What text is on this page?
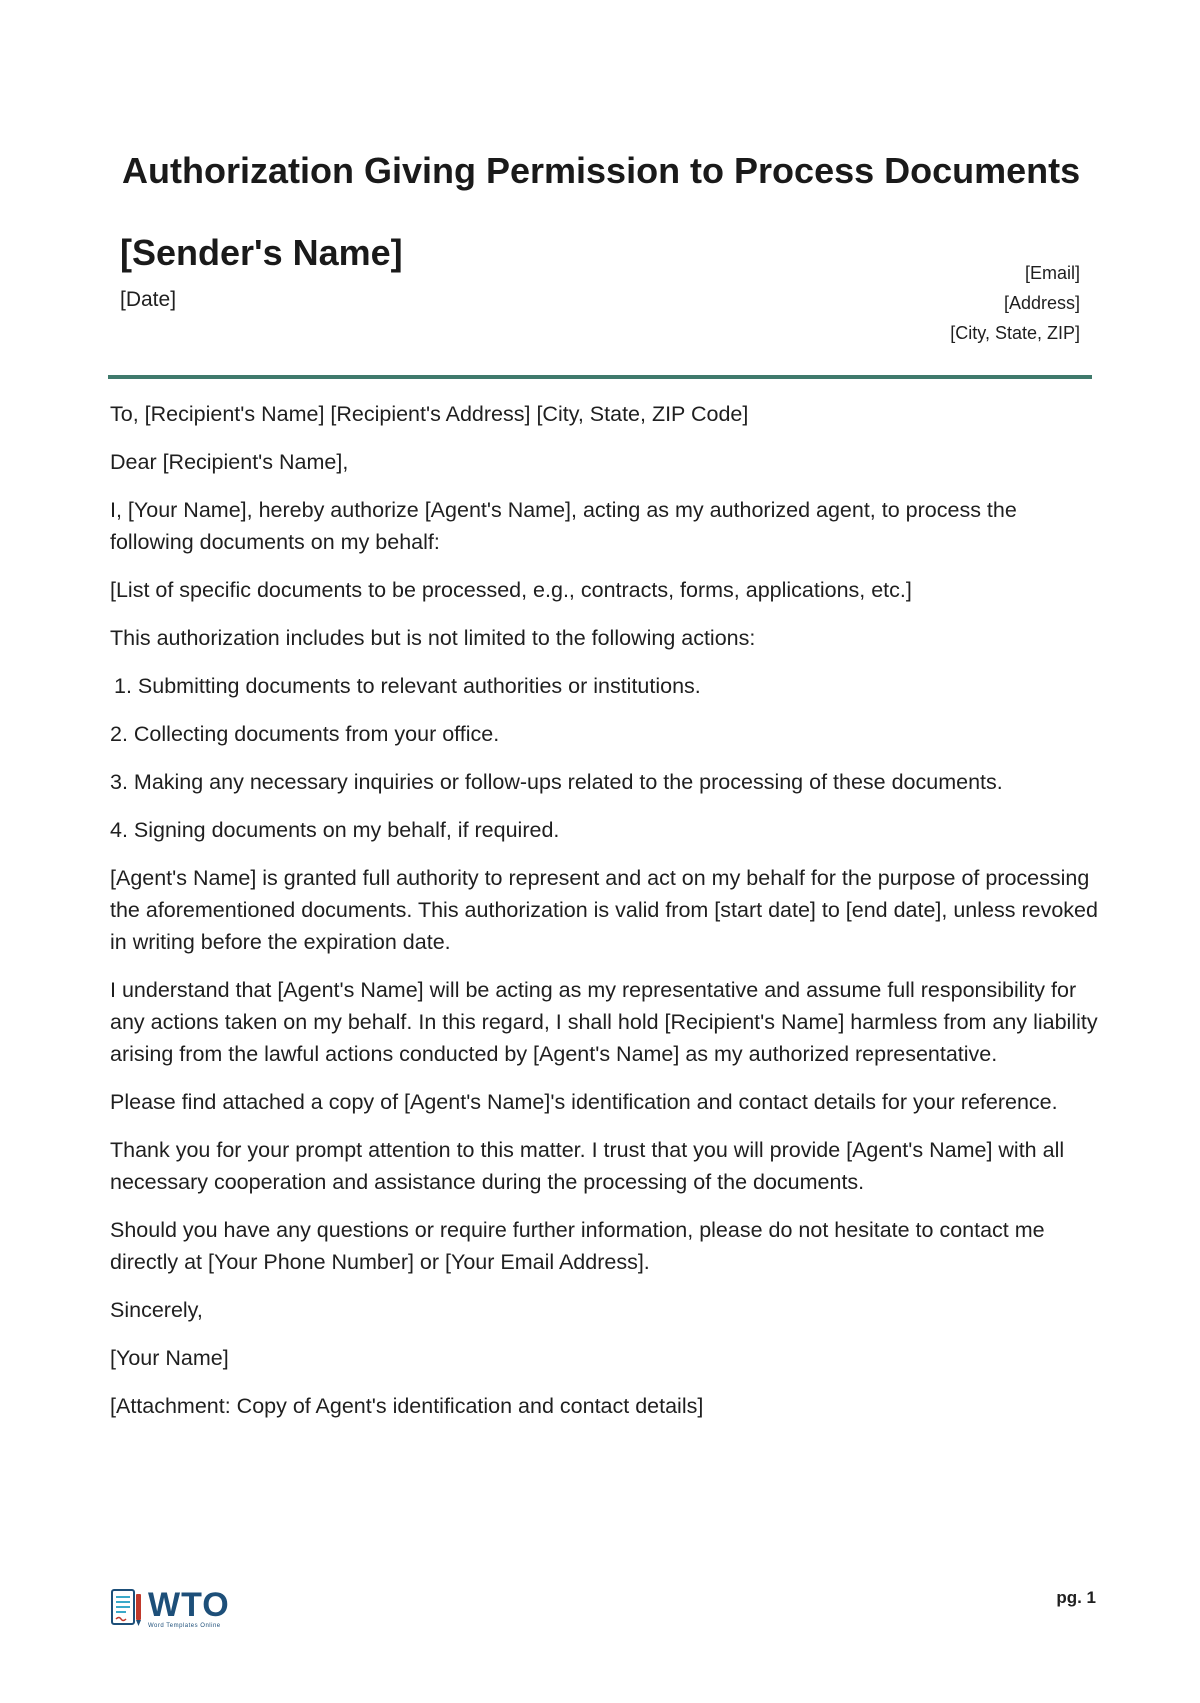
Authorization Giving Permission to Process Documents
[Sender's Name]
[Date]
[Email]
[Address]
[City, State, ZIP]

To, [Recipient's Name] [Recipient's Address] [City, State, ZIP Code]

Dear [Recipient's Name],

I, [Your Name], hereby authorize [Agent's Name], acting as my authorized agent, to process the following documents on my behalf:

[List of specific documents to be processed, e.g., contracts, forms, applications, etc.]

This authorization includes but is not limited to the following actions:

1. Submitting documents to relevant authorities or institutions.
2. Collecting documents from your office.
3. Making any necessary inquiries or follow-ups related to the processing of these documents.
4. Signing documents on my behalf, if required.

[Agent's Name] is granted full authority to represent and act on my behalf for the purpose of processing the aforementioned documents. This authorization is valid from [start date] to [end date], unless revoked in writing before the expiration date.

I understand that [Agent's Name] will be acting as my representative and assume full responsibility for any actions taken on my behalf. In this regard, I shall hold [Recipient's Name] harmless from any liability arising from the lawful actions conducted by [Agent's Name] as my authorized representative.

Please find attached a copy of [Agent's Name]'s identification and contact details for your reference.

Thank you for your prompt attention to this matter. I trust that you will provide [Agent's Name] with all necessary cooperation and assistance during the processing of the documents.

Should you have any questions or require further information, please do not hesitate to contact me directly at [Your Phone Number] or [Your Email Address].

Sincerely,

[Your Name]

[Attachment: Copy of Agent's identification and contact details]

WTO
Word Templates Online
pg. 1
